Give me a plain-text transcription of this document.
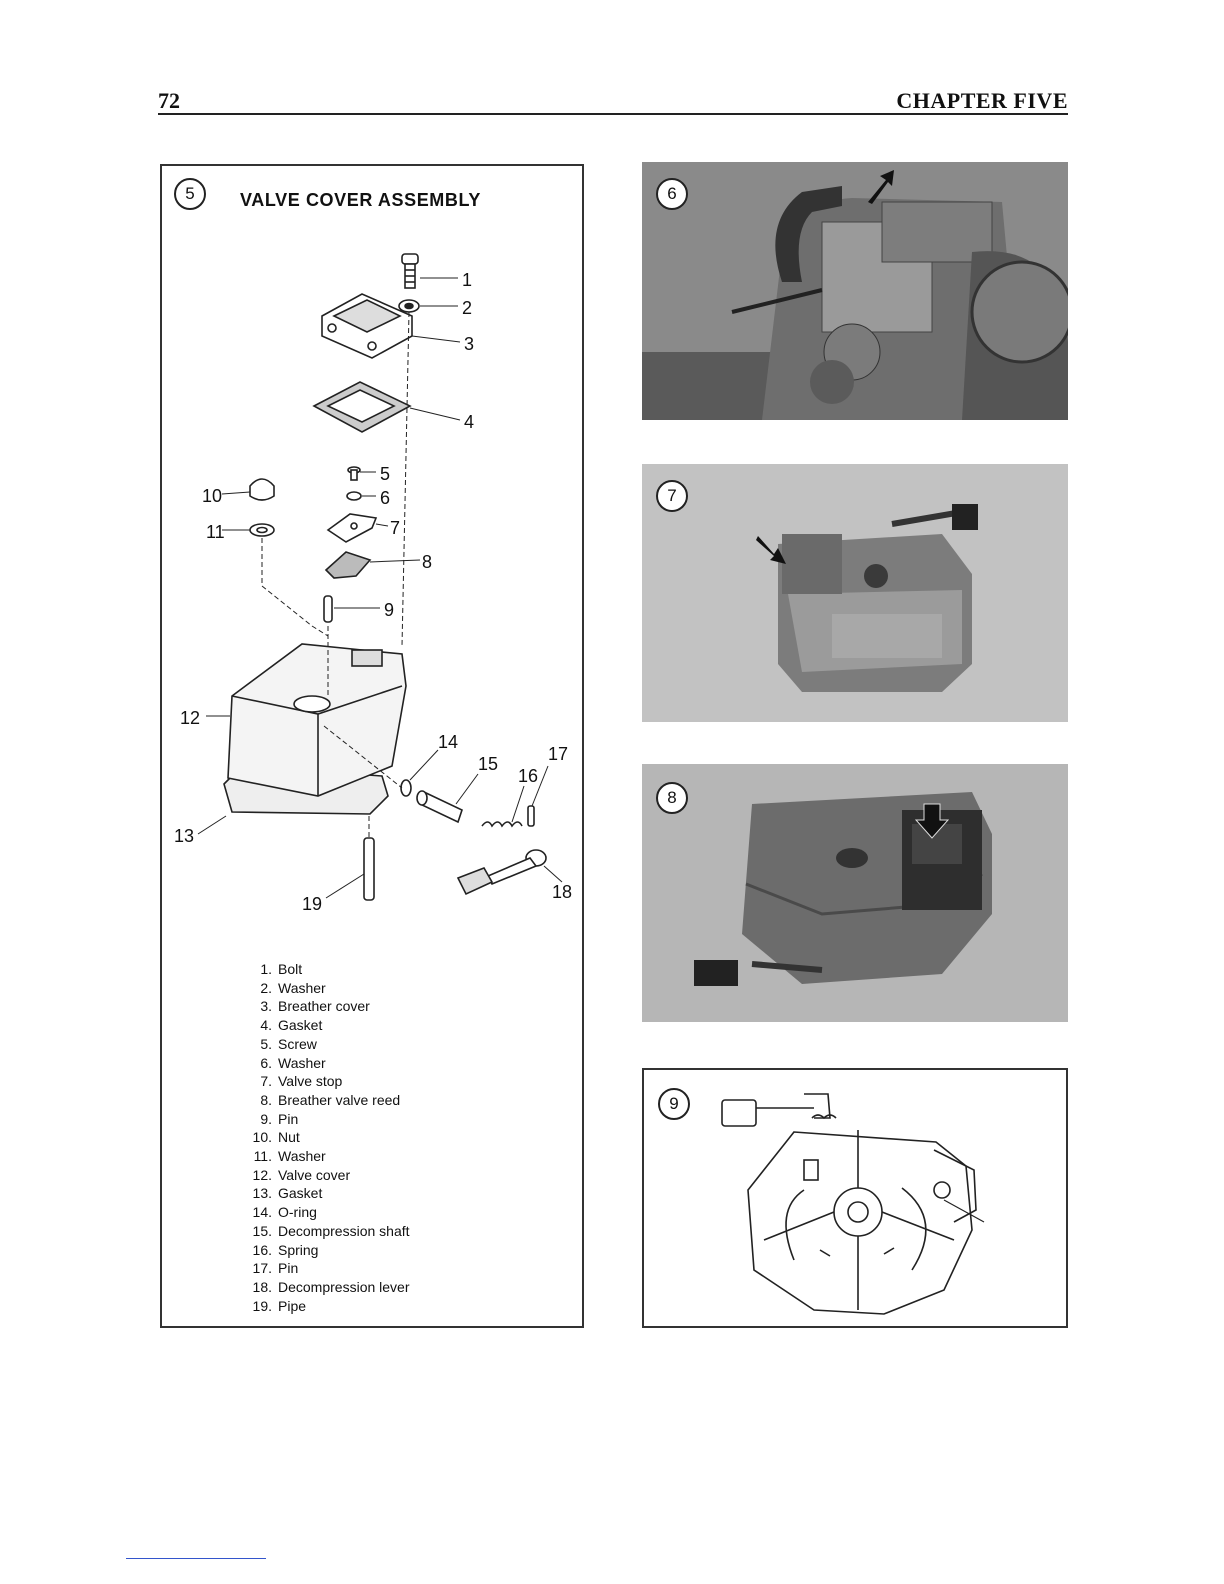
72	CHAPTER FIVE
5	VALVE COVER ASSEMBLY
1
2
3
4
5
6
7
8
9
10
11
12
13
14
15
16
17
18
19
1. Bolt
2. Washer
3. Breather cover
4. Gasket
5. Screw
6. Washer
7. Valve stop
8. Breather valve reed
9. Pin
10. Nut
11. Washer
12. Valve cover
13. Gasket
14. O-ring
15. Decompression shaft
16. Spring
17. Pin
18. Decompression lever
19. Pipe
6
7
8
9
